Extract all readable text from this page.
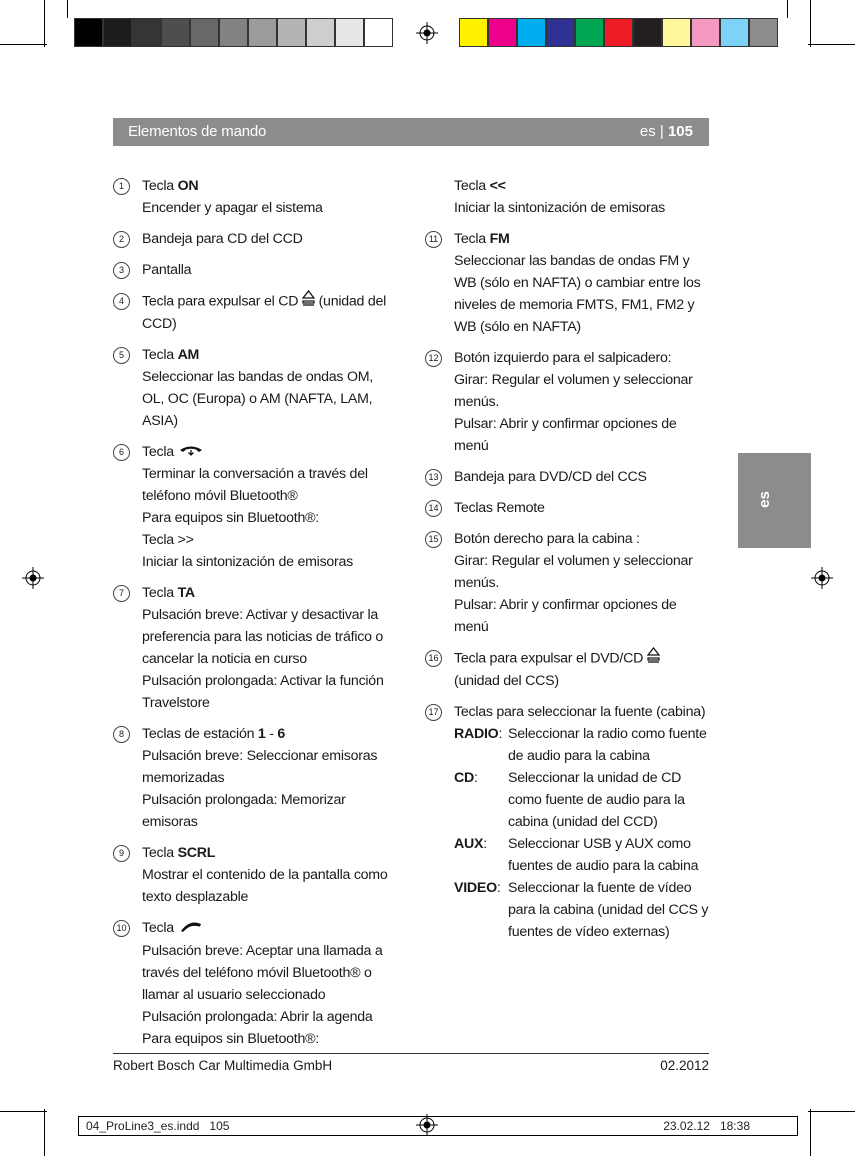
Elementos de mando	es | 105
es
1	Tecla ON
Encender y apagar el sistema
2	Bandeja para CD del CCD
3	Pantalla
4	Tecla para expulsar el CD  (unidad del CCD)
5	Tecla AM
Seleccionar las bandas de ondas OM, OL, OC (Europa) o AM (NAFTA, LAM, ASIA)
6	Tecla
Terminar la conversación a través del teléfono móvil Bluetooth®
Para equipos sin Bluetooth®:
Tecla >>
Iniciar la sintonización de emisoras
7	Tecla TA
Pulsación breve: Activar y desactivar la preferencia para las noticias de tráfico o cancelar la noticia en curso
Pulsación prolongada: Activar la función Travelstore
8	Teclas de estación 1 - 6
Pulsación breve: Seleccionar emisoras memorizadas
Pulsación prolongada: Memorizar emisoras
9	Tecla SCRL
Mostrar el contenido de la pantalla como texto desplazable
10 Tecla
Pulsación breve: Aceptar una llamada a través del teléfono móvil Bluetooth® o llamar al usuario seleccionado
Pulsación prolongada: Abrir la agenda
Para equipos sin Bluetooth®:
Tecla <<
Iniciar la sintonización de emisoras
11 Tecla FM
Seleccionar las bandas de ondas FM y WB (sólo en NAFTA) o cambiar entre los niveles de memoria FMTS, FM1, FM2 y WB (sólo en NAFTA)
12 Botón izquierdo para el salpicadero:
Girar: Regular el volumen y seleccionar menús.
Pulsar: Abrir y confirmar opciones de menú
13 Bandeja para DVD/CD del CCS
14 Teclas Remote
15 Botón derecho para la cabina :
Girar: Regular el volumen y seleccionar menús.
Pulsar: Abrir y confirmar opciones de menú
16 Tecla para expulsar el DVD/CD  (unidad del CCS)
17 Teclas para seleccionar la fuente (cabina)
RADIO: Seleccionar la radio como fuente de audio para la cabina
CD:	Seleccionar la unidad de CD como fuente de audio para la cabina (unidad del CCD)
AUX:	Seleccionar USB y AUX como fuentes de audio para la cabina
VIDEO: Seleccionar la fuente de vídeo para la cabina (unidad del CCS y fuentes de vídeo externas)
Robert Bosch Car Multimedia GmbH	02.2012
04_ProLine3_es.indd   105	23.02.12   18:38
